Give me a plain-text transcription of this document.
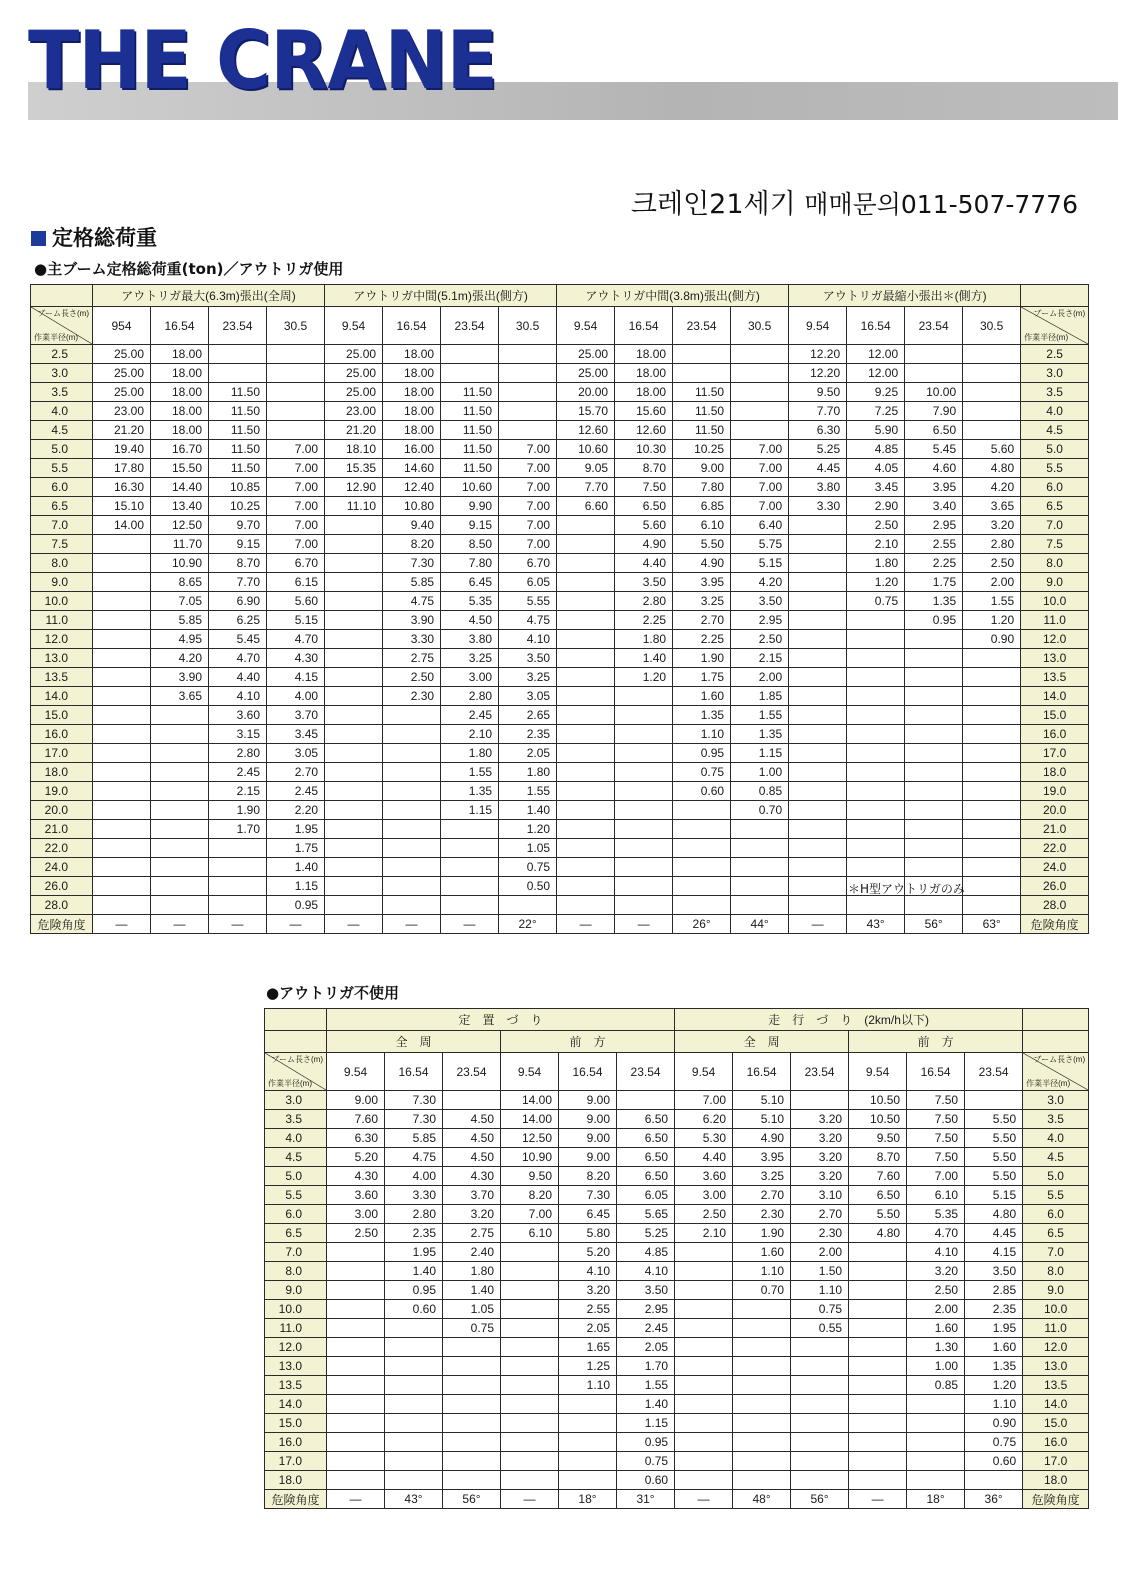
THE CRANE
크레인21세기 매매문의011-507-7776
定格総荷重
●主ブーム定格総荷重(ton)／アウトリガ使用
	アウトリガ最大(6.3m)張出(全周)				アウトリガ中間(5.1m)張出(側方)				アウトリガ中間(3.8m)張出(側方)				アウトリガ最縮小張出＊(側方)				

ブーム長さ(m)
作業半径(m)	954	16.54	23.54	30.5	9.54	16.54	23.54	30.5	9.54	16.54	23.54	30.5	9.54	16.54	23.54	30.5	ブーム長さ(m)
作業半径(m)

2.5	25.00	18.00			25.00	18.00			25.00	18.00			12.20	12.00			2.5
3.0	25.00	18.00			25.00	18.00			25.00	18.00			12.20	12.00			3.0
3.5	25.00	18.00	11.50		25.00	18.00	11.50		20.00	18.00	11.50		9.50	9.25	10.00		3.5
4.0	23.00	18.00	11.50		23.00	18.00	11.50		15.70	15.60	11.50		7.70	7.25	7.90		4.0
4.5	21.20	18.00	11.50		21.20	18.00	11.50		12.60	12.60	11.50		6.30	5.90	6.50		4.5
5.0	19.40	16.70	11.50	7.00	18.10	16.00	11.50	7.00	10.60	10.30	10.25	7.00	5.25	4.85	5.45	5.60	5.0
5.5	17.80	15.50	11.50	7.00	15.35	14.60	11.50	7.00	9.05	8.70	9.00	7.00	4.45	4.05	4.60	4.80	5.5
6.0	16.30	14.40	10.85	7.00	12.90	12.40	10.60	7.00	7.70	7.50	7.80	7.00	3.80	3.45	3.95	4.20	6.0
6.5	15.10	13.40	10.25	7.00	11.10	10.80	9.90	7.00	6.60	6.50	6.85	7.00	3.30	2.90	3.40	3.65	6.5
7.0	14.00	12.50	9.70	7.00		9.40	9.15	7.00		5.60	6.10	6.40		2.50	2.95	3.20	7.0
7.5		11.70	9.15	7.00		8.20	8.50	7.00		4.90	5.50	5.75		2.10	2.55	2.80	7.5
8.0		10.90	8.70	6.70		7.30	7.80	6.70		4.40	4.90	5.15		1.80	2.25	2.50	8.0
9.0		8.65	7.70	6.15		5.85	6.45	6.05		3.50	3.95	4.20		1.20	1.75	2.00	9.0
10.0		7.05	6.90	5.60		4.75	5.35	5.55		2.80	3.25	3.50		0.75	1.35	1.55	10.0
11.0		5.85	6.25	5.15		3.90	4.50	4.75		2.25	2.70	2.95			0.95	1.20	11.0
12.0		4.95	5.45	4.70		3.30	3.80	4.10		1.80	2.25	2.50				0.90	12.0
13.0		4.20	4.70	4.30		2.75	3.25	3.50		1.40	1.90	2.15					13.0
13.5		3.90	4.40	4.15		2.50	3.00	3.25		1.20	1.75	2.00					13.5
14.0		3.65	4.10	4.00		2.30	2.80	3.05			1.60	1.85					14.0
15.0			3.60	3.70			2.45	2.65			1.35	1.55					15.0
16.0			3.15	3.45			2.10	2.35			1.10	1.35					16.0
17.0			2.80	3.05			1.80	2.05			0.95	1.15					17.0
18.0			2.45	2.70			1.55	1.80			0.75	1.00					18.0
19.0			2.15	2.45			1.35	1.55			0.60	0.85					19.0
20.0			1.90	2.20			1.15	1.40				0.70					20.0
21.0			1.70	1.95				1.20									21.0
22.0				1.75				1.05									22.0
24.0				1.40				0.75									24.0
26.0				1.15				0.50									26.0
28.0				0.95													28.0
危険角度	—	—	—	—	—	—	—	22°	—	—	26°	44°	—	43°	56°	63°	危険角度
＊H型アウトリガのみ
●アウトリガ不使用
	定　置　づ　り						走　行　づ　り　(2km/h以下)						
	全　周			前　方			全　周			前　方			

ブーム長さ(m)
作業半径(m)	9.54	16.54	23.54	9.54	16.54	23.54	9.54	16.54	23.54	9.54	16.54	23.54	ブーム長さ(m)
作業半径(m)

3.0	9.00	7.30		14.00	9.00		7.00	5.10		10.50	7.50		3.0
3.5	7.60	7.30	4.50	14.00	9.00	6.50	6.20	5.10	3.20	10.50	7.50	5.50	3.5
4.0	6.30	5.85	4.50	12.50	9.00	6.50	5.30	4.90	3.20	9.50	7.50	5.50	4.0
4.5	5.20	4.75	4.50	10.90	9.00	6.50	4.40	3.95	3.20	8.70	7.50	5.50	4.5
5.0	4.30	4.00	4.30	9.50	8.20	6.50	3.60	3.25	3.20	7.60	7.00	5.50	5.0
5.5	3.60	3.30	3.70	8.20	7.30	6.05	3.00	2.70	3.10	6.50	6.10	5.15	5.5
6.0	3.00	2.80	3.20	7.00	6.45	5.65	2.50	2.30	2.70	5.50	5.35	4.80	6.0
6.5	2.50	2.35	2.75	6.10	5.80	5.25	2.10	1.90	2.30	4.80	4.70	4.45	6.5
7.0		1.95	2.40		5.20	4.85		1.60	2.00		4.10	4.15	7.0
8.0		1.40	1.80		4.10	4.10		1.10	1.50		3.20	3.50	8.0
9.0		0.95	1.40		3.20	3.50		0.70	1.10		2.50	2.85	9.0
10.0		0.60	1.05		2.55	2.95			0.75		2.00	2.35	10.0
11.0			0.75		2.05	2.45			0.55		1.60	1.95	11.0
12.0					1.65	2.05					1.30	1.60	12.0
13.0					1.25	1.70					1.00	1.35	13.0
13.5					1.10	1.55					0.85	1.20	13.5
14.0						1.40						1.10	14.0
15.0						1.15						0.90	15.0
16.0						0.95						0.75	16.0
17.0						0.75						0.60	17.0
18.0						0.60							18.0
危険角度	—	43°	56°	—	18°	31°	—	48°	56°	—	18°	36°	危険角度
